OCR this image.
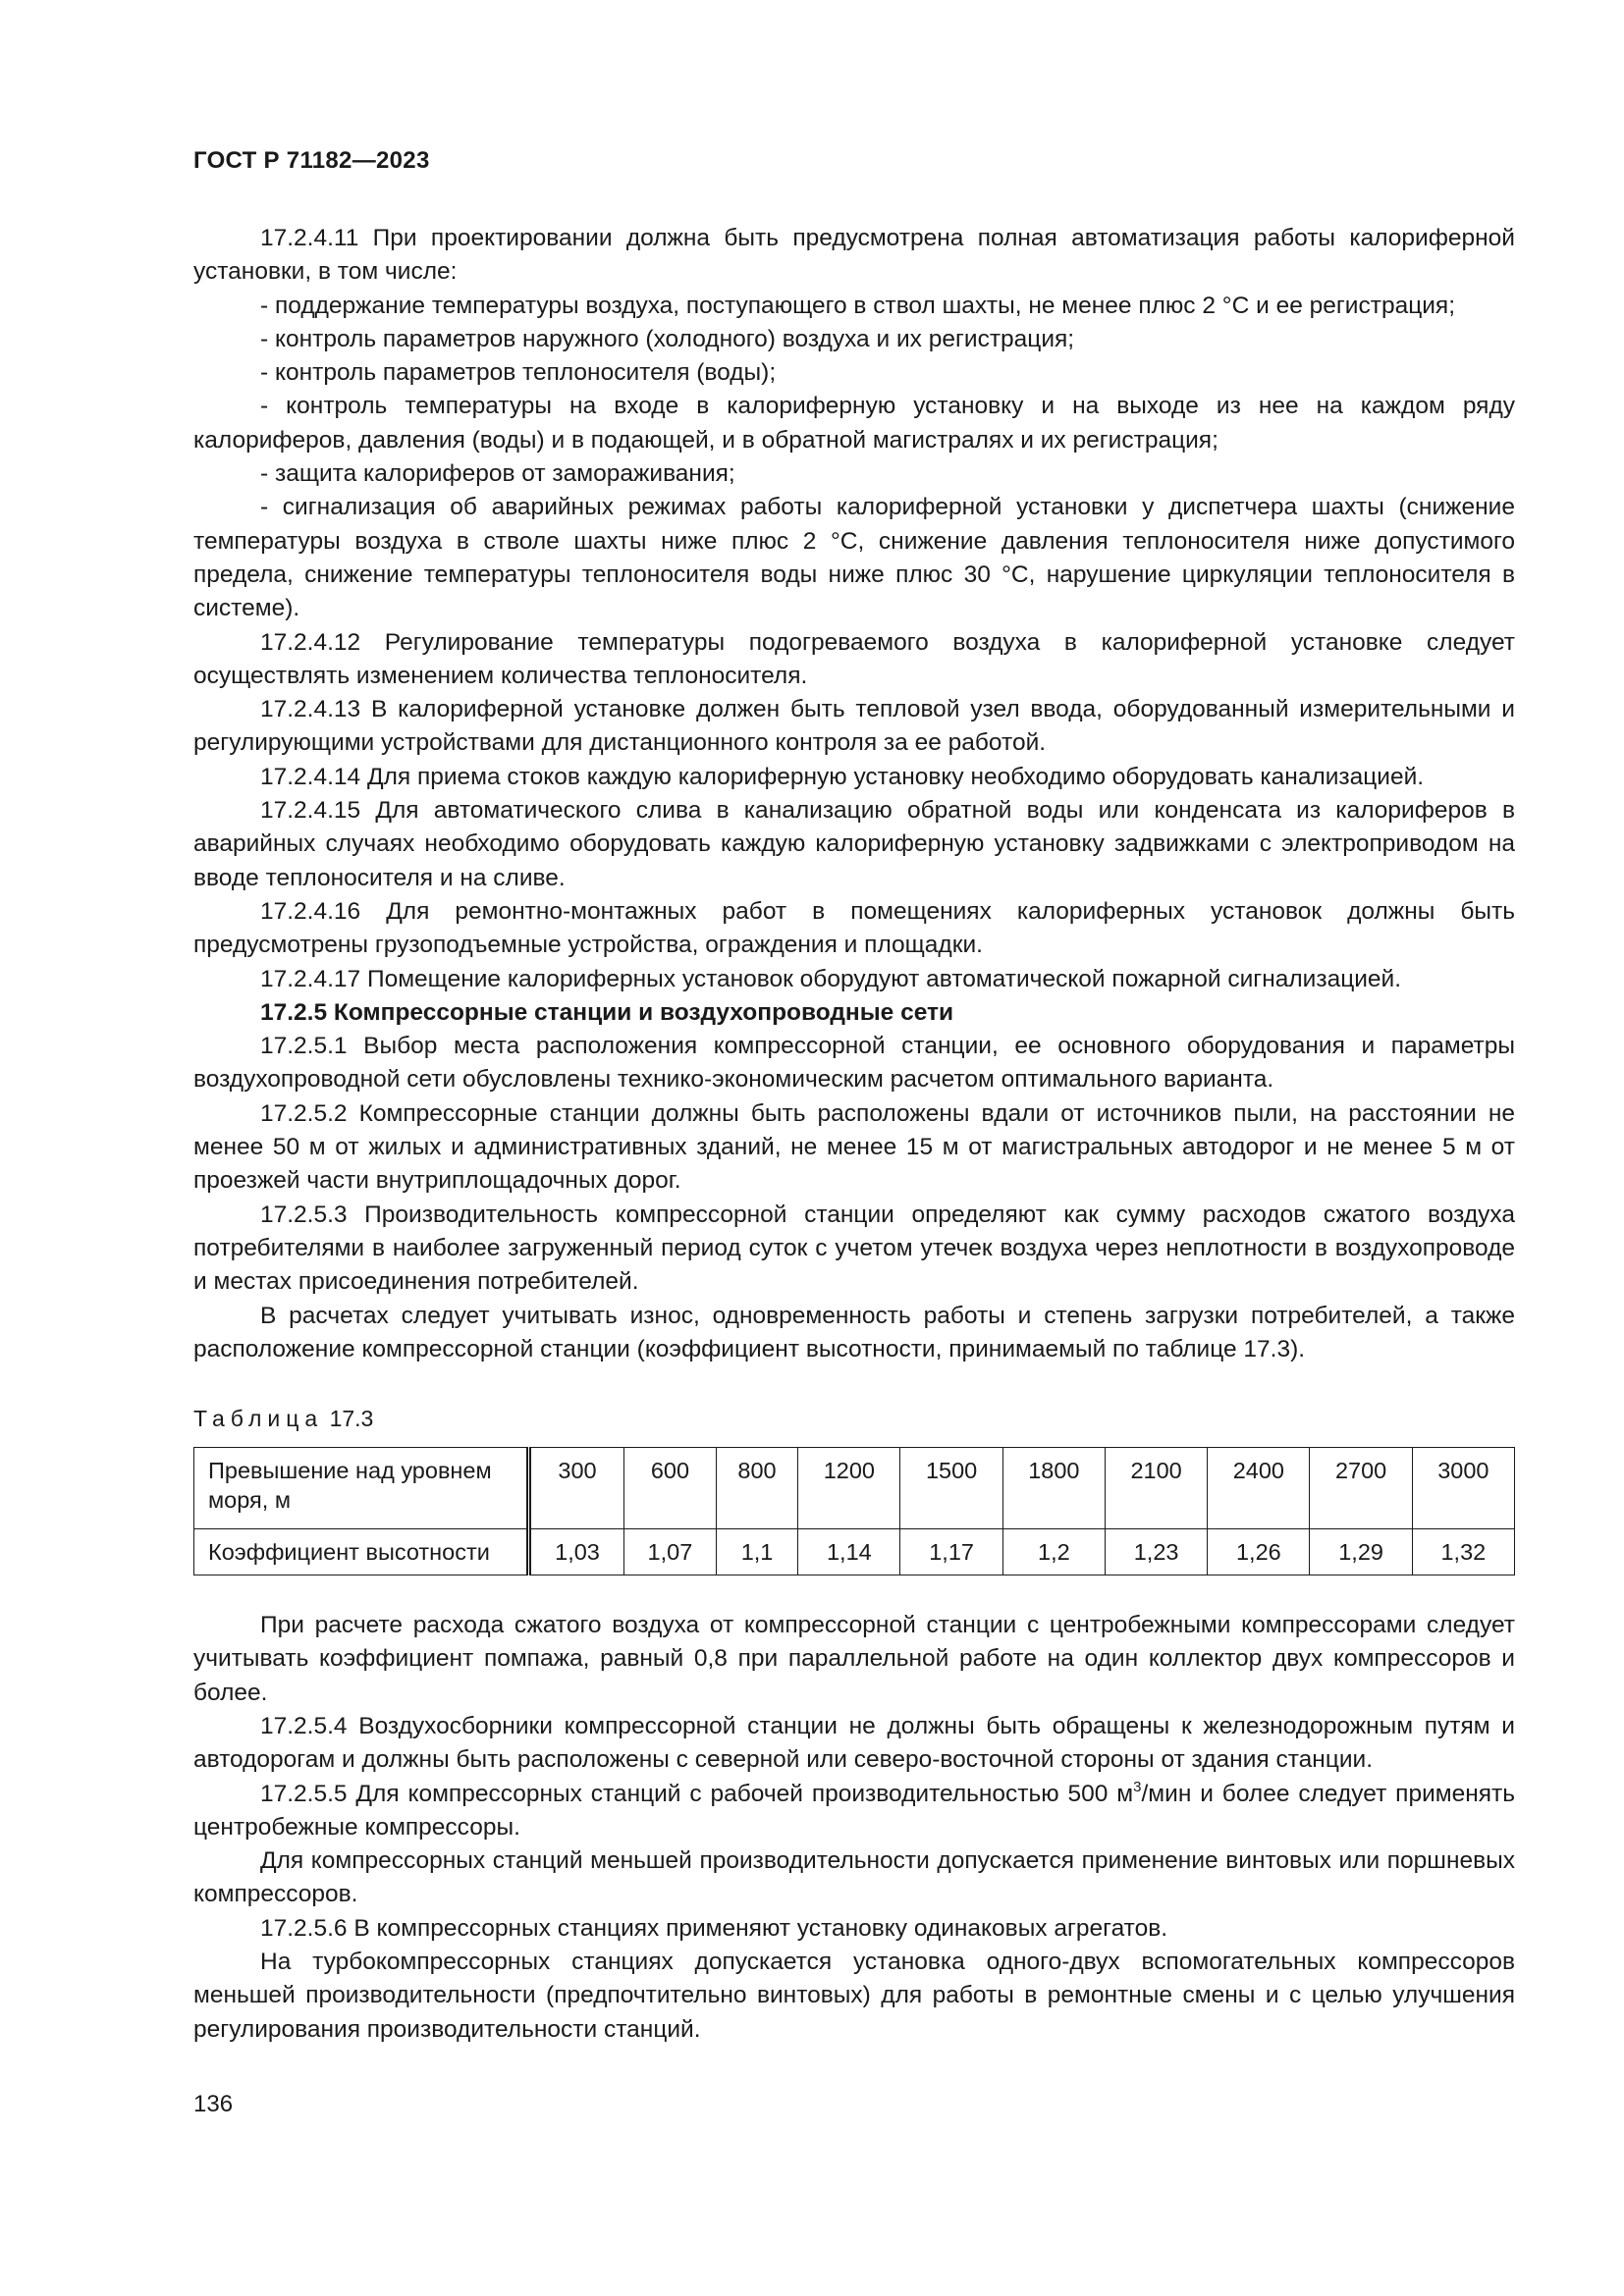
ГОСТ Р 71182—2023

17.2.4.11 При проектировании должна быть предусмотрена полная автоматизация работы калориферной установки, в том числе:

- поддержание температуры воздуха, поступающего в ствол шахты, не менее плюс 2 °С и ее регистрация;

- контроль параметров наружного (холодного) воздуха и их регистрация;

- контроль параметров теплоносителя (воды);

- контроль температуры на входе в калориферную установку и на выходе из нее на каждом ряду калориферов, давления (воды) и в подающей, и в обратной магистралях и их регистрация;

- защита калориферов от замораживания;

- сигнализация об аварийных режимах работы калориферной установки у диспетчера шахты (снижение температуры воздуха в стволе шахты ниже плюс 2 °С, снижение давления теплоносителя ниже допустимого предела, снижение температуры теплоносителя воды ниже плюс 30 °С, нарушение циркуляции теплоносителя в системе).

17.2.4.12 Регулирование температуры подогреваемого воздуха в калориферной установке следует осуществлять изменением количества теплоносителя.

17.2.4.13 В калориферной установке должен быть тепловой узел ввода, оборудованный измерительными и регулирующими устройствами для дистанционного контроля за ее работой.

17.2.4.14 Для приема стоков каждую калориферную установку необходимо оборудовать канализацией.

17.2.4.15 Для автоматического слива в канализацию обратной воды или конденсата из калориферов в аварийных случаях необходимо оборудовать каждую калориферную установку задвижками с электроприводом на вводе теплоносителя и на сливе.

17.2.4.16 Для ремонтно-монтажных работ в помещениях калориферных установок должны быть предусмотрены грузоподъемные устройства, ограждения и площадки.

17.2.4.17 Помещение калориферных установок оборудуют автоматической пожарной сигнализацией.

17.2.5 Компрессорные станции и воздухопроводные сети

17.2.5.1 Выбор места расположения компрессорной станции, ее основного оборудования и параметры воздухопроводной сети обусловлены технико-экономическим расчетом оптимального варианта.

17.2.5.2 Компрессорные станции должны быть расположены вдали от источников пыли, на расстоянии не менее 50 м от жилых и административных зданий, не менее 15 м от магистральных автодорог и не менее 5 м от проезжей части внутриплощадочных дорог.

17.2.5.3 Производительность компрессорной станции определяют как сумму расходов сжатого воздуха потребителями в наиболее загруженный период суток с учетом утечек воздуха через неплотности в воздухопроводе и местах присоединения потребителей.

В расчетах следует учитывать износ, одновременность работы и степень загрузки потребителей, а также расположение компрессорной станции (коэффициент высотности, принимаемый по таблице 17.3).

Таблица 17.3
Превышение над уровнем моря, м	300	600	800	1200	1500	1800	2100	2400	2700	3000
Коэффициент высотности	1,03	1,07	1,1	1,14	1,17	1,2	1,23	1,26	1,29	1,32

При расчете расхода сжатого воздуха от компрессорной станции с центробежными компрессорами следует учитывать коэффициент помпажа, равный 0,8 при параллельной работе на один коллектор двух компрессоров и более.

17.2.5.4 Воздухосборники компрессорной станции не должны быть обращены к железнодорожным путям и автодорогам и должны быть расположены с северной или северо-восточной стороны от здания станции.

17.2.5.5 Для компрессорных станций с рабочей производительностью 500 $м^3$/мин и более следует применять центробежные компрессоры.

Для компрессорных станций меньшей производительности допускается применение винтовых или поршневых компрессоров.

17.2.5.6 В компрессорных станциях применяют установку одинаковых агрегатов.

На турбокомпрессорных станциях допускается установка одного-двух вспомогательных компрессоров меньшей производительности (предпочтительно винтовых) для работы в ремонтные смены и с целью улучшения регулирования производительности станций.

136
